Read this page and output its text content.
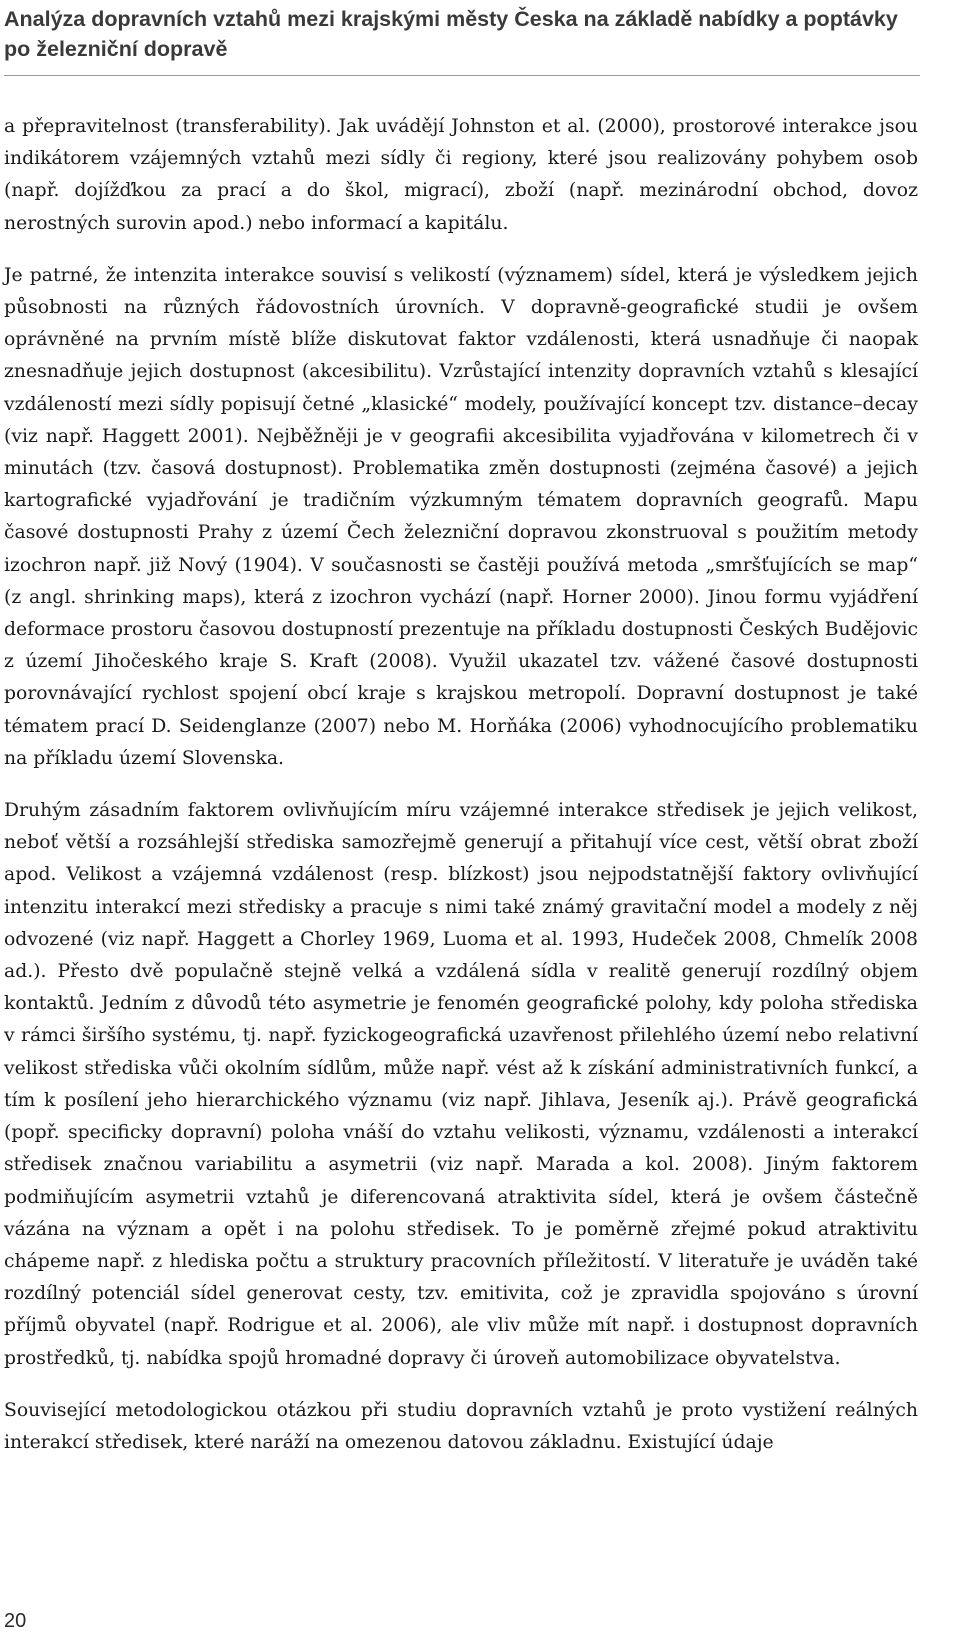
Analýza dopravních vztahů mezi krajskými městy Česka na základě nabídky a poptávky po železniční dopravě

a přepravitelnost (transferability). Jak uvádějí Johnston et al. (2000), prostorové interakce jsou indikátorem vzájemných vztahů mezi sídly či regiony, které jsou realizovány pohybem osob (např. dojížďkou za prací a do škol, migrací), zboží (např. mezinárodní obchod, dovoz nerostných surovin apod.) nebo informací a kapitálu.

Je patrné, že intenzita interakce souvisí s velikostí (významem) sídel, která je výsledkem jejich působnosti na různých řádovostních úrovních. V dopravně-geografické studii je ovšem oprávněné na prvním místě blíže diskutovat faktor vzdálenosti, která usnadňuje či naopak znesnadňuje jejich dostupnost (akcesibilitu). Vzrůstající intenzity dopravních vztahů s klesající vzdáleností mezi sídly popisují četné „klasické“ modely, používající koncept tzv. distance–decay (viz např. Haggett 2001). Nejběžněji je v geografii akcesibilita vyjadřována v kilometrech či v minutách (tzv. časová dostupnost). Problematika změn dostupnosti (zejména časové) a jejich kartografické vyjadřování je tradičním výzkumným tématem dopravních geografů. Mapu časové dostupnosti Prahy z území Čech železniční dopravou zkonstruoval s použitím metody izochron např. již Nový (1904). V současnosti se častěji používá metoda „smršťujících se map“ (z angl. shrinking maps), která z izochron vychází (např. Horner 2000). Jinou formu vyjádření deformace prostoru časovou dostupností prezentuje na příkladu dostupnosti Českých Budějovic z území Jihočeského kraje S. Kraft (2008). Využil ukazatel tzv. vážené časové dostupnosti porovnávající rychlost spojení obcí kraje s krajskou metropolí. Dopravní dostupnost je také tématem prací D. Seidenglanze (2007) nebo M. Horňáka (2006) vyhodnocujícího problematiku na příkladu území Slovenska.

Druhým zásadním faktorem ovlivňujícím míru vzájemné interakce středisek je jejich velikost, neboť větší a rozsáhlejší střediska samozřejmě generují a přitahují více cest, větší obrat zboží apod. Velikost a vzájemná vzdálenost (resp. blízkost) jsou nejpodstatnější faktory ovlivňující intenzitu interakcí mezi středisky a pracuje s nimi také známý gravitační model a modely z něj odvozené (viz např. Haggett a Chorley 1969, Luoma et al. 1993, Hudeček 2008, Chmelík 2008 ad.). Přesto dvě populačně stejně velká a vzdálená sídla v realitě generují rozdílný objem kontaktů. Jedním z důvodů této asymetrie je fenomén geografické polohy, kdy poloha střediska v rámci širšího systému, tj. např. fyzickogeografická uzavřenost přilehlého území nebo relativní velikost střediska vůči okolním sídlům, může např. vést až k získání administrativních funkcí, a tím k posílení jeho hierarchického významu (viz např. Jihlava, Jeseník aj.). Právě geografická (popř. specificky dopravní) poloha vnáší do vztahu velikosti, významu, vzdálenosti a interakcí středisek značnou variabilitu a asymetrii (viz např. Marada a kol. 2008). Jiným faktorem podmiňujícím asymetrii vztahů je diferencovaná atraktivita sídel, která je ovšem částečně vázána na význam a opět i na polohu středisek. To je poměrně zřejmé pokud atraktivitu chápeme např. z hlediska počtu a struktury pracovních příležitostí. V literatuře je uváděn také rozdílný potenciál sídel generovat cesty, tzv. emitivita, což je zpravidla spojováno s úrovní příjmů obyvatel (např. Rodrigue et al. 2006), ale vliv může mít např. i dostupnost dopravních prostředků, tj. nabídka spojů hromadné dopravy či úroveň automobilizace obyvatelstva.

Související metodologickou otázkou při studiu dopravních vztahů je proto vystižení reálných interakcí středisek, které naráží na omezenou datovou základnu. Existující údaje

20
